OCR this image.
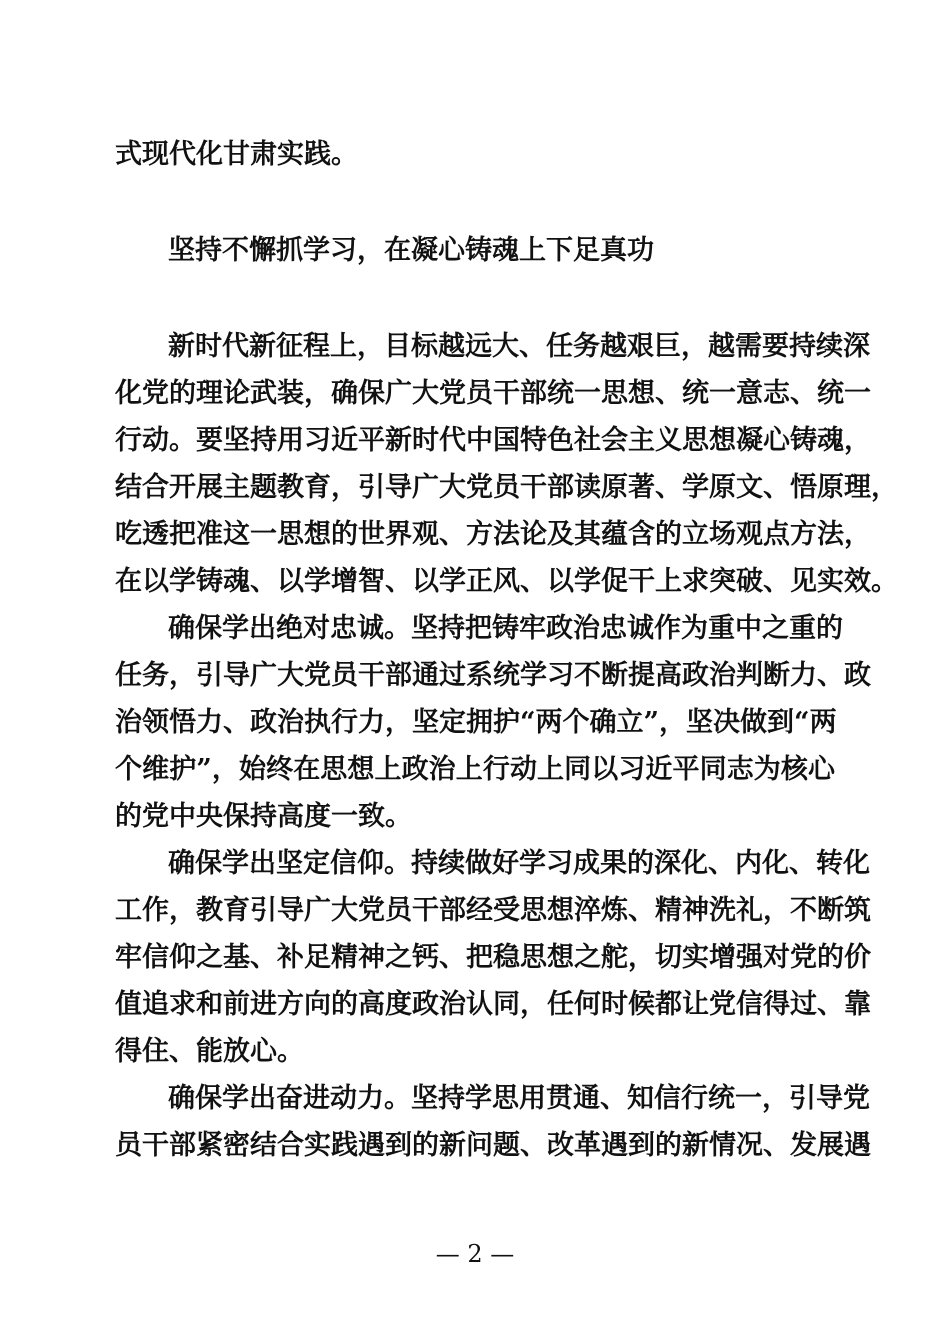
式现代化甘肃实践。
坚持不懈抓学习，在凝心铸魂上下足真功
新时代新征程上，目标越远大、任务越艰巨，越需要持续深
化党的理论武装，确保广大党员干部统一思想、统一意志、统一
行动。要坚持用习近平新时代中国特色社会主义思想凝心铸魂，
结合开展主题教育，引导广大党员干部读原著、学原文、悟原理，
吃透把准这一思想的世界观、方法论及其蕴含的立场观点方法，
在以学铸魂、以学增智、以学正风、以学促干上求突破、见实效。
确保学出绝对忠诚。坚持把铸牢政治忠诚作为重中之重的
任务，引导广大党员干部通过系统学习不断提高政治判断力、政
治领悟力、政治执行力，坚定拥护“两个确立”，坚决做到“两
个维护”，始终在思想上政治上行动上同以习近平同志为核心
的党中央保持高度一致。
确保学出坚定信仰。持续做好学习成果的深化、内化、转化
工作，教育引导广大党员干部经受思想淬炼、精神洗礼，不断筑
牢信仰之基、补足精神之钙、把稳思想之舵，切实增强对党的价
值追求和前进方向的高度政治认同，任何时候都让党信得过、靠
得住、能放心。
确保学出奋进动力。坚持学思用贯通、知信行统一，引导党
员干部紧密结合实践遇到的新问题、改革遇到的新情况、发展遇
— 2 —
